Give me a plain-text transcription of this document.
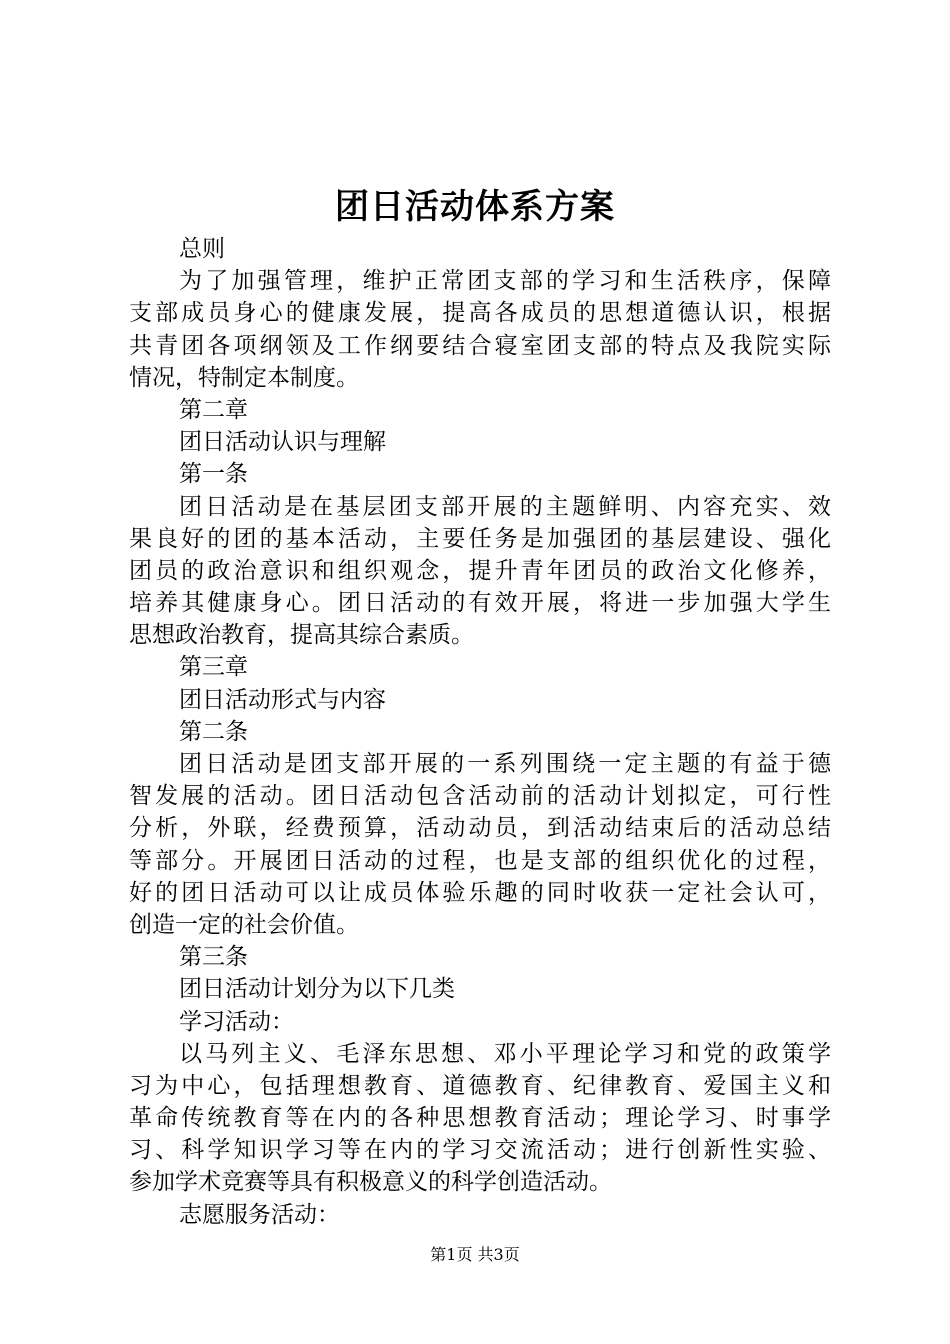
团日活动体系方案

总则

为了加强管理，维护正常团支部的学习和生活秩序，保障

支部成员身心的健康发展，提高各成员的思想道德认识，根据

共青团各项纲领及工作纲要结合寝室团支部的特点及我院实际

情况，特制定本制度。

第二章

团日活动认识与理解

第一条

团日活动是在基层团支部开展的主题鲜明、内容充实、效

果良好的团的基本活动，主要任务是加强团的基层建设、强化

团员的政治意识和组织观念，提升青年团员的政治文化修养，

培养其健康身心。团日活动的有效开展，将进一步加强大学生

思想政治教育，提高其综合素质。

第三章

团日活动形式与内容

第二条

团日活动是团支部开展的一系列围绕一定主题的有益于德

智发展的活动。团日活动包含活动前的活动计划拟定，可行性

分析，外联，经费预算，活动动员，到活动结束后的活动总结

等部分。开展团日活动的过程，也是支部的组织优化的过程，

好的团日活动可以让成员体验乐趣的同时收获一定社会认可，

创造一定的社会价值。

第三条

团日活动计划分为以下几类

学习活动：

以马列主义、毛泽东思想、邓小平理论学习和党的政策学

习为中心，包括理想教育、道德教育、纪律教育、爱国主义和

革命传统教育等在内的各种思想教育活动；理论学习、时事学

习、科学知识学习等在内的学习交流活动；进行创新性实验、

参加学术竞赛等具有积极意义的科学创造活动。

志愿服务活动：

第1页 共3页
